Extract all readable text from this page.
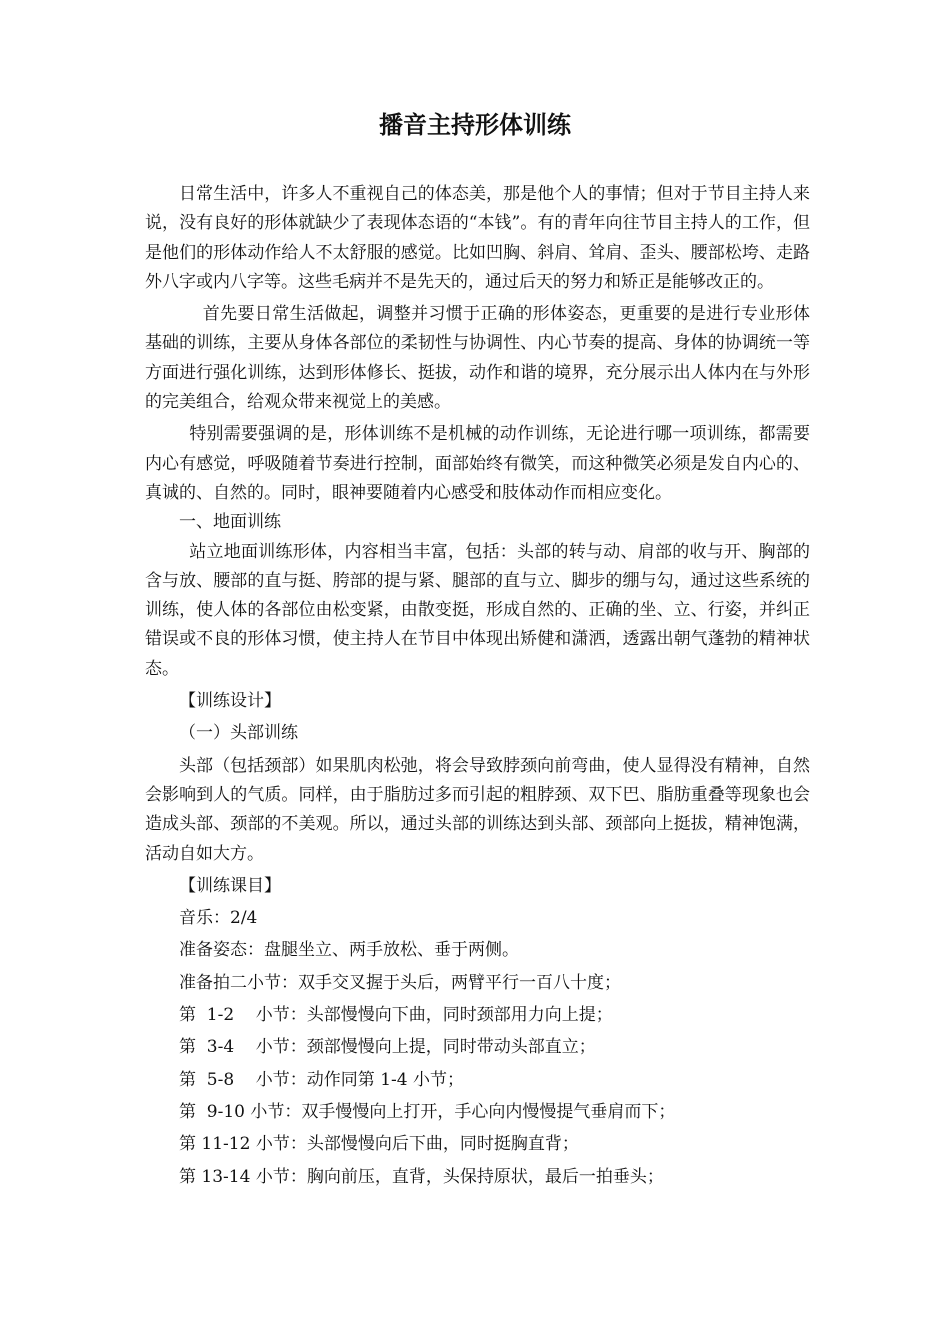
播音主持形体训练

日常生活中，许多人不重视自己的体态美，那是他个人的事情；但对于节目主持人来说，没有良好的形体就缺少了表现体态语的“本钱”。有的青年向往节目主持人的工作，但是他们的形体动作给人不太舒服的感觉。比如凹胸、斜肩、耸肩、歪头、腰部松垮、走路外八字或内八字等。这些毛病并不是先天的，通过后天的努力和矫正是能够改正的。

首先要日常生活做起，调整并习惯于正确的形体姿态，更重要的是进行专业形体基础的训练，主要从身体各部位的柔韧性与协调性、内心节奏的提高、身体的协调统一等方面进行强化训练，达到形体修长、挺拔，动作和谐的境界，充分展示出人体内在与外形的完美组合，给观众带来视觉上的美感。

特别需要强调的是，形体训练不是机械的动作训练，无论进行哪一项训练，都需要内心有感觉，呼吸随着节奏进行控制，面部始终有微笑，而这种微笑必须是发自内心的、真诚的、自然的。同时，眼神要随着内心感受和肢体动作而相应变化。

一、地面训练

站立地面训练形体，内容相当丰富，包括：头部的转与动、肩部的收与开、胸部的含与放、腰部的直与挺、胯部的提与紧、腿部的直与立、脚步的绷与勾，通过这些系统的训练，使人体的各部位由松变紧，由散变挺，形成自然的、正确的坐、立、行姿，并纠正错误或不良的形体习惯，使主持人在节目中体现出矫健和潇洒，透露出朝气蓬勃的精神状态。

【训练设计】

（一）头部训练

头部（包括颈部）如果肌肉松弛，将会导致脖颈向前弯曲，使人显得没有精神，自然会影响到人的气质。同样，由于脂肪过多而引起的粗脖颈、双下巴、脂肪重叠等现象也会造成头部、颈部的不美观。所以，通过头部的训练达到头部、颈部向上挺拔，精神饱满，活动自如大方。

【训练课目】

音乐：2/4

准备姿态：盘腿坐立、两手放松、垂于两侧。

准备拍二小节：双手交叉握于头后，两臂平行一百八十度；

第  1-2    小节：头部慢慢向下曲，同时颈部用力向上提；

第  3-4    小节：颈部慢慢向上提，同时带动头部直立；

第  5-8    小节：动作同第 1-4 小节；

第  9-10 小节：双手慢慢向上打开，手心向内慢慢提气垂肩而下；

第 11-12 小节：头部慢慢向后下曲，同时挺胸直背；

第 13-14 小节：胸向前压，直背，头保持原状，最后一拍垂头；
